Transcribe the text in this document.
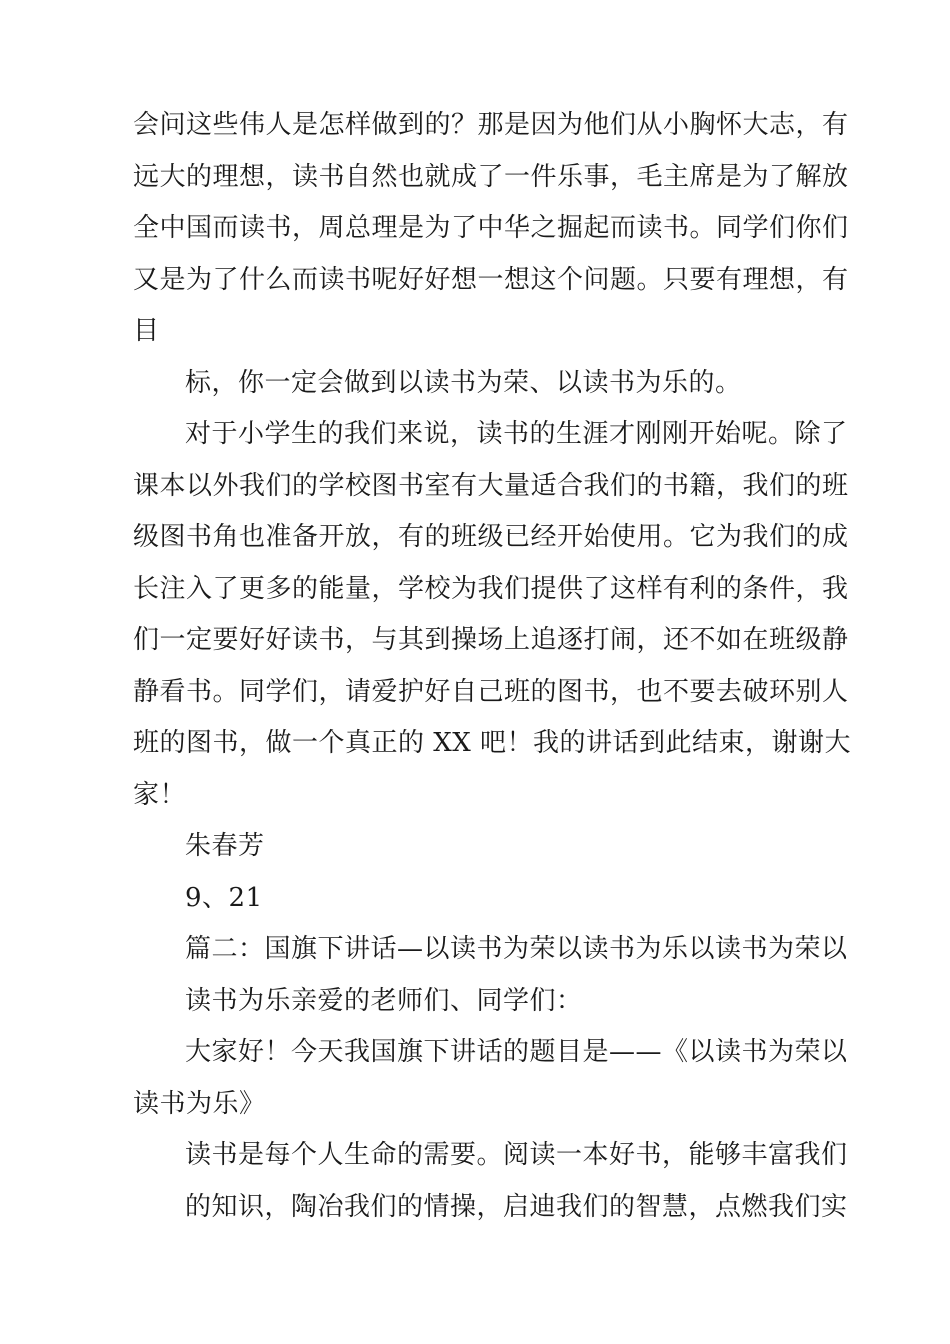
会问这些伟人是怎样做到的？那是因为他们从小胸怀大志，有
远大的理想，读书自然也就成了一件乐事，毛主席是为了解放
全中国而读书，周总理是为了中华之掘起而读书。同学们你们
又是为了什么而读书呢好好想一想这个问题。只要有理想，有
目
标，你一定会做到以读书为荣、以读书为乐的。
对于小学生的我们来说，读书的生涯才刚刚开始呢。除了
课本以外我们的学校图书室有大量适合我们的书籍，我们的班
级图书角也准备开放，有的班级已经开始使用。它为我们的成
长注入了更多的能量，学校为我们提供了这样有利的条件，我
们一定要好好读书，与其到操场上追逐打闹，还不如在班级静
静看书。同学们，请爱护好自己班的图书，也不要去破环别人
班的图书，做一个真正的 XX 吧！我的讲话到此结束，谢谢大
家！
朱春芳
9、21
篇二：国旗下讲话—以读书为荣以读书为乐以读书为荣以
读书为乐亲爱的老师们、同学们：
大家好！今天我国旗下讲话的题目是——《以读书为荣以
读书为乐》
读书是每个人生命的需要。阅读一本好书，能够丰富我们
的知识，陶冶我们的情操，启迪我们的智慧，点燃我们实
